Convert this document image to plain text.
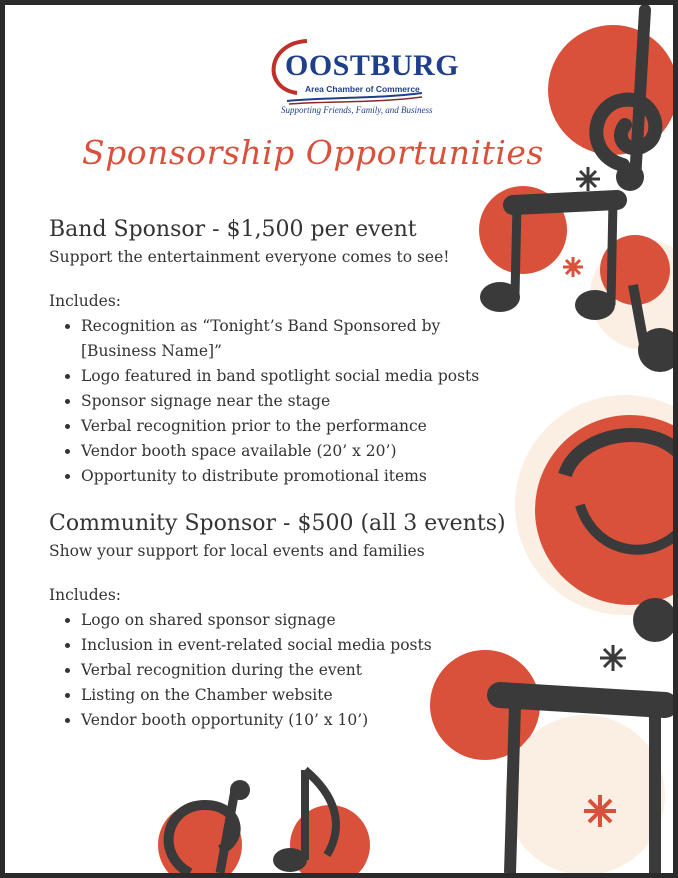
OOSTBURG
Area Chamber of Commerce
Supporting Friends, Family, and Business
Sponsorship Opportunities
Band Sponsor - $1,500 per event
Support the entertainment everyone comes to see!
Includes:
• Recognition as “Tonight’s Band Sponsored by [Business Name]”
• Logo featured in band spotlight social media posts
• Sponsor signage near the stage
• Verbal recognition prior to the performance
• Vendor booth space available (20’ x 20’)
• Opportunity to distribute promotional items
Community Sponsor - $500 (all 3 events)
Show your support for local events and families
Includes:
• Logo on shared sponsor signage
• Inclusion in event-related social media posts
• Verbal recognition during the event
• Listing on the Chamber website
• Vendor booth opportunity (10’ x 10’)
